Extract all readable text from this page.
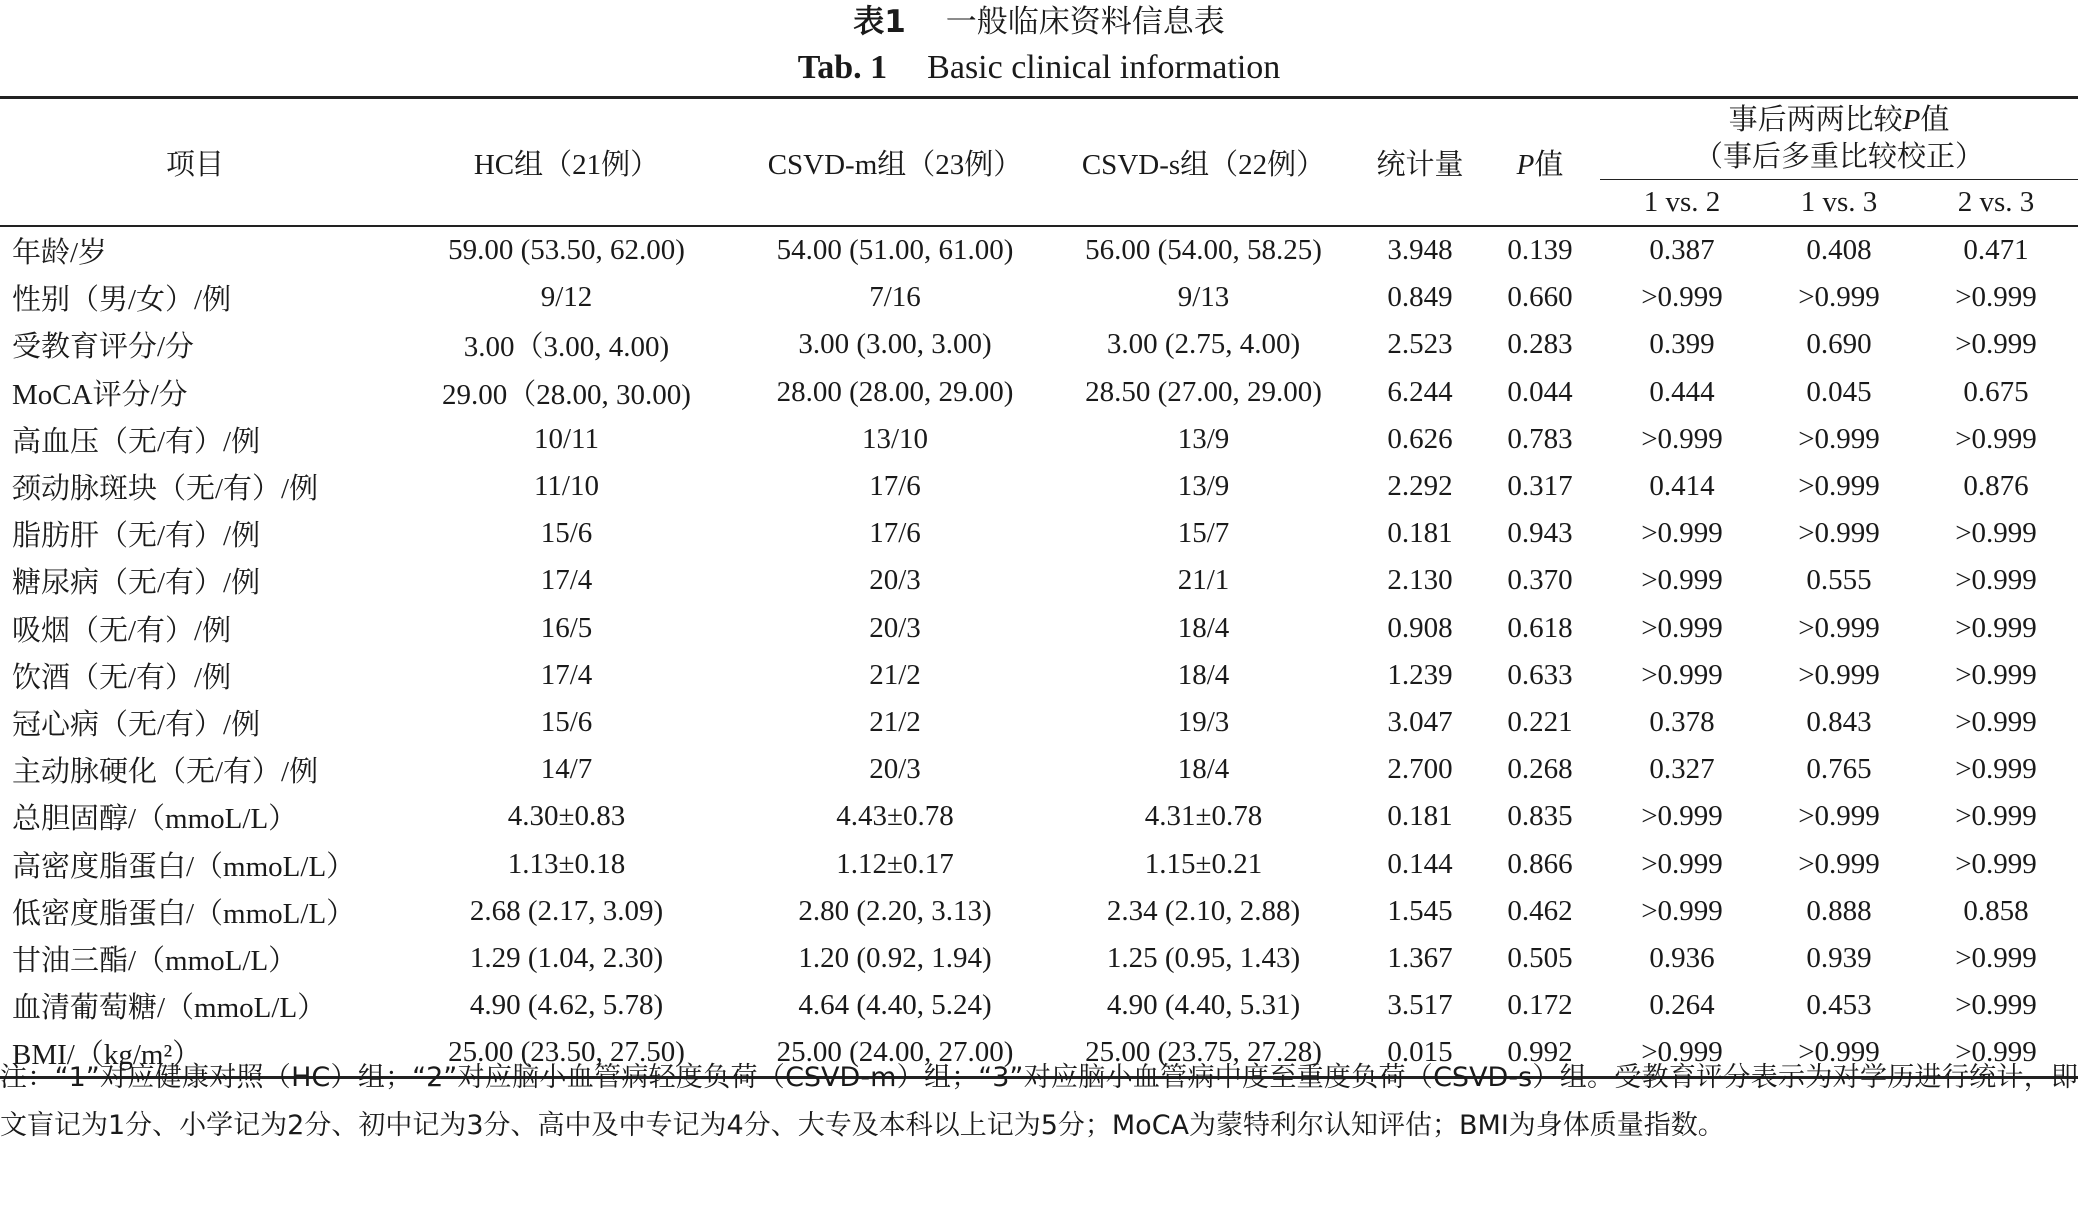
表1 一般临床资料信息表
Tab. 1 Basic clinical information
项目	HC组（21例）	CSVD-m组（23例）	CSVD-s组（22例）	统计量	P值	事后两两比较P值
（事后多重比较校正）		

						1 vs. 2	1 vs. 3	2 vs. 3
年龄/岁	59.00 (53.50, 62.00)	54.00 (51.00, 61.00)	56.00 (54.00, 58.25)	3.948	0.139	0.387	0.408	0.471
性别（男/女）/例	9/12	7/16	9/13	0.849	0.660	>0.999	>0.999	>0.999
受教育评分/分	3.00（3.00, 4.00)	3.00 (3.00, 3.00)	3.00 (2.75, 4.00)	2.523	0.283	0.399	0.690	>0.999
MoCA评分/分	29.00（28.00, 30.00)	28.00 (28.00, 29.00)	28.50 (27.00, 29.00)	6.244	0.044	0.444	0.045	0.675
高血压（无/有）/例	10/11	13/10	13/9	0.626	0.783	>0.999	>0.999	>0.999
颈动脉斑块（无/有）/例	11/10	17/6	13/9	2.292	0.317	0.414	>0.999	0.876
脂肪肝（无/有）/例	15/6	17/6	15/7	0.181	0.943	>0.999	>0.999	>0.999
糖尿病（无/有）/例	17/4	20/3	21/1	2.130	0.370	>0.999	0.555	>0.999
吸烟（无/有）/例	16/5	20/3	18/4	0.908	0.618	>0.999	>0.999	>0.999
饮酒（无/有）/例	17/4	21/2	18/4	1.239	0.633	>0.999	>0.999	>0.999
冠心病（无/有）/例	15/6	21/2	19/3	3.047	0.221	0.378	0.843	>0.999
主动脉硬化（无/有）/例	14/7	20/3	18/4	2.700	0.268	0.327	0.765	>0.999
总胆固醇/（mmoL/L）	4.30±0.83	4.43±0.78	4.31±0.78	0.181	0.835	>0.999	>0.999	>0.999
高密度脂蛋白/（mmoL/L）	1.13±0.18	1.12±0.17	1.15±0.21	0.144	0.866	>0.999	>0.999	>0.999
低密度脂蛋白/（mmoL/L）	2.68 (2.17, 3.09)	2.80 (2.20, 3.13)	2.34 (2.10, 2.88)	1.545	0.462	>0.999	0.888	0.858
甘油三酯/（mmoL/L）	1.29 (1.04, 2.30)	1.20 (0.92, 1.94)	1.25 (0.95, 1.43)	1.367	0.505	0.936	0.939	>0.999
血清葡萄糖/（mmoL/L）	4.90 (4.62, 5.78)	4.64 (4.40, 5.24)	4.90 (4.40, 5.31)	3.517	0.172	0.264	0.453	>0.999
BMI/（kg/m²）	25.00 (23.50, 27.50)	25.00 (24.00, 27.00)	25.00 (23.75, 27.28)	0.015	0.992	>0.999	>0.999	>0.999
注：“1”对应健康对照（HC）组；“2”对应脑小血管病轻度负荷（CSVD-m）组；“3”对应脑小血管病中度至重度负荷（CSVD-s）组。受教育评分表示为对学历进行统计，即文盲记为1分、小学记为2分、初中记为3分、高中及中专记为4分、大专及本科以上记为5分；MoCA为蒙特利尔认知评估；BMI为身体质量指数。
